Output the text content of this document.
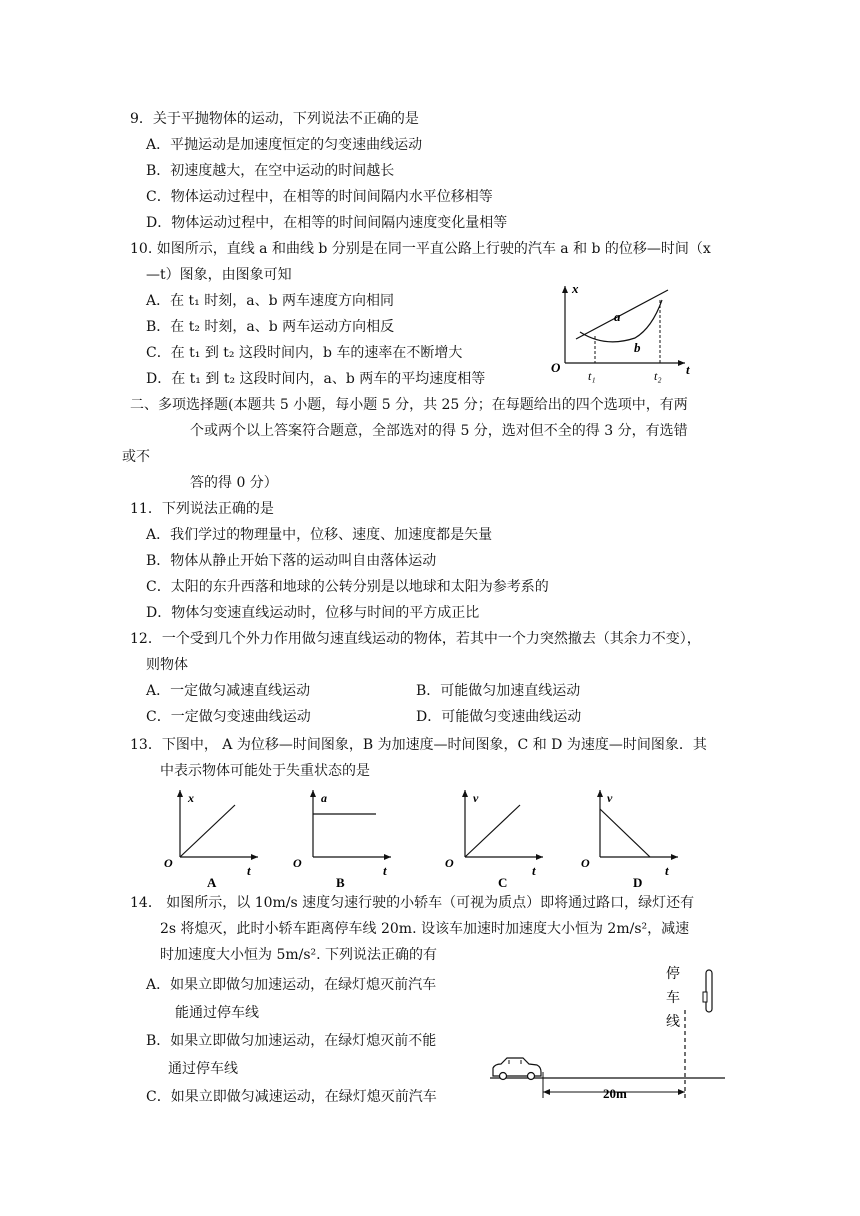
9．关于平抛物体的运动，下列说法不正确的是
A．平抛运动是加速度恒定的匀变速曲线运动
B．初速度越大，在空中运动的时间越长
C．物体运动过程中，在相等的时间间隔内水平位移相等
D．物体运动过程中，在相等的时间间隔内速度变化量相等
10. 如图所示，直线 a 和曲线 b 分别是在同一平直公路上行驶的汽车 a 和 b 的位移—时间（x
—t）图象，由图象可知
A．在 t₁ 时刻，a、b 两车速度方向相同
B．在 t₂ 时刻，a、b 两车运动方向相反
C．在 t₁ 到 t₂ 这段时间内，b 车的速率在不断增大
D．在 t₁ 到 t₂ 这段时间内，a、b 两车的平均速度相等
x
t
O
a
b
t₁	t₂
二、多项选择题(本题共 5 小题，每小题 5 分，共 25 分；在每题给出的四个选项中，有两
个或两个以上答案符合题意，全部选对的得 5 分，选对但不全的得 3 分，有选错
或不
答的得 0 分）
11．下列说法正确的是
A．我们学过的物理量中，位移、速度、加速度都是矢量
B．物体从静止开始下落的运动叫自由落体运动
C．太阳的东升西落和地球的公转分别是以地球和太阳为参考系的
D．物体匀变速直线运动时，位移与时间的平方成正比
12．一个受到几个外力作用做匀速直线运动的物体，若其中一个力突然撤去（其余力不变），
则物体
A．一定做匀减速直线运动	B．可能做匀加速直线运动
C．一定做匀变速曲线运动	D．可能做匀变速曲线运动
13．下图中， A 为位移—时间图象，B 为加速度—时间图象，C 和 D 为速度—时间图象．其
中表示物体可能处于失重状态的是
x
t
O
A
a
t
O
B
v
t
O
C
v
t
O
D
14． 如图所示，以 10m/s 速度匀速行驶的小轿车（可视为质点）即将通过路口，绿灯还有
2s 将熄灭，此时小轿车距离停车线 20m. 设该车加速时加速度大小恒为 2m/s²，减速
时加速度大小恒为 5m/s². 下列说法正确的有
A．如果立即做匀加速运动，在绿灯熄灭前汽车
能通过停车线
B．如果立即做匀加速运动，在绿灯熄灭前不能
通过停车线
C．如果立即做匀减速运动，在绿灯熄灭前汽车
停
车
线
20m
